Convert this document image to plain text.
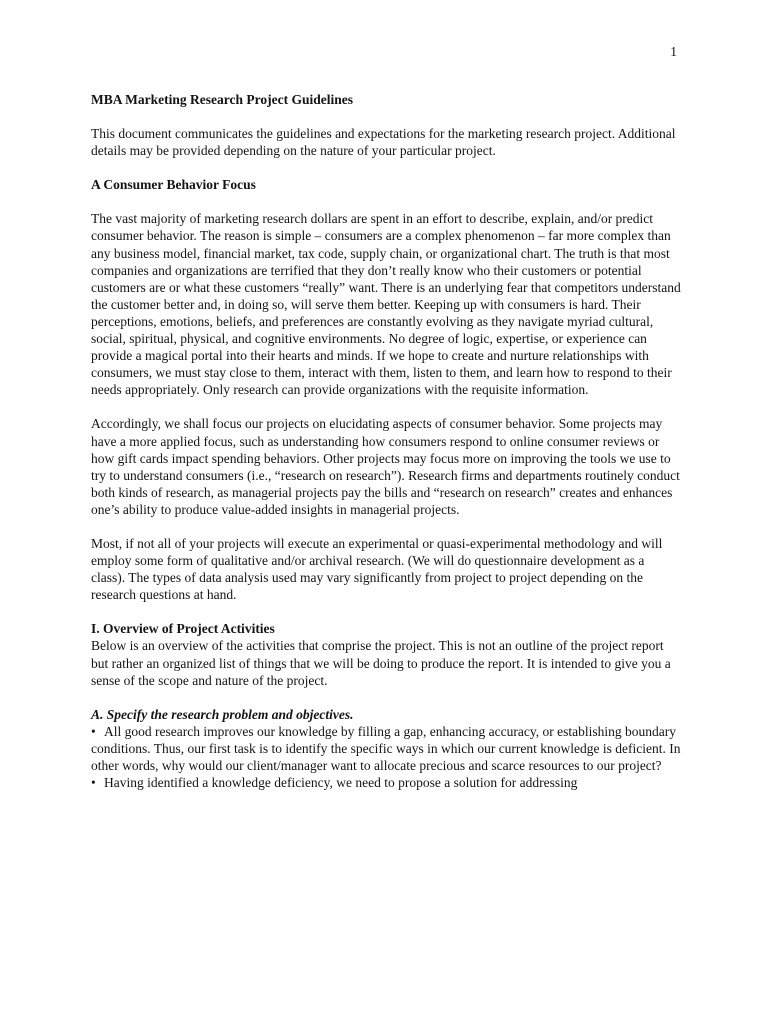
1

MBA Marketing Research Project Guidelines

This document communicates the guidelines and expectations for the marketing research project. Additional details may be provided depending on the nature of your particular project.

A Consumer Behavior Focus

The vast majority of marketing research dollars are spent in an effort to describe, explain, and/or predict consumer behavior. The reason is simple – consumers are a complex phenomenon – far more complex than any business model, financial market, tax code, supply chain, or organizational chart. The truth is that most companies and organizations are terrified that they don’t really know who their customers or potential customers are or what these customers “really” want. There is an underlying fear that competitors understand the customer better and, in doing so, will serve them better. Keeping up with consumers is hard. Their perceptions, emotions, beliefs, and preferences are constantly evolving as they navigate myriad cultural, social, spiritual, physical, and cognitive environments. No degree of logic, expertise, or experience can provide a magical portal into their hearts and minds. If we hope to create and nurture relationships with consumers, we must stay close to them, interact with them, listen to them, and learn how to respond to their needs appropriately. Only research can provide organizations with the requisite information.

Accordingly, we shall focus our projects on elucidating aspects of consumer behavior. Some projects may have a more applied focus, such as understanding how consumers respond to online consumer reviews or how gift cards impact spending behaviors. Other projects may focus more on improving the tools we use to try to understand consumers (i.e., “research on research”). Research firms and departments routinely conduct both kinds of research, as managerial projects pay the bills and “research on research” creates and enhances one’s ability to produce value-added insights in managerial projects.

Most, if not all of your projects will execute an experimental or quasi-experimental methodology and will employ some form of qualitative and/or archival research. (We will do questionnaire development as a class). The types of data analysis used may vary significantly from project to project depending on the research questions at hand.

I. Overview of Project Activities

Below is an overview of the activities that comprise the project. This is not an outline of the project report but rather an organized list of things that we will be doing to produce the report. It is intended to give you a sense of the scope and nature of the project.

A. Specify the research problem and objectives.

• All good research improves our knowledge by filling a gap, enhancing accuracy, or establishing boundary conditions. Thus, our first task is to identify the specific ways in which our current knowledge is deficient. In other words, why would our client/manager want to allocate precious and scarce resources to our project?

• Having identified a knowledge deficiency, we need to propose a solution for addressing
